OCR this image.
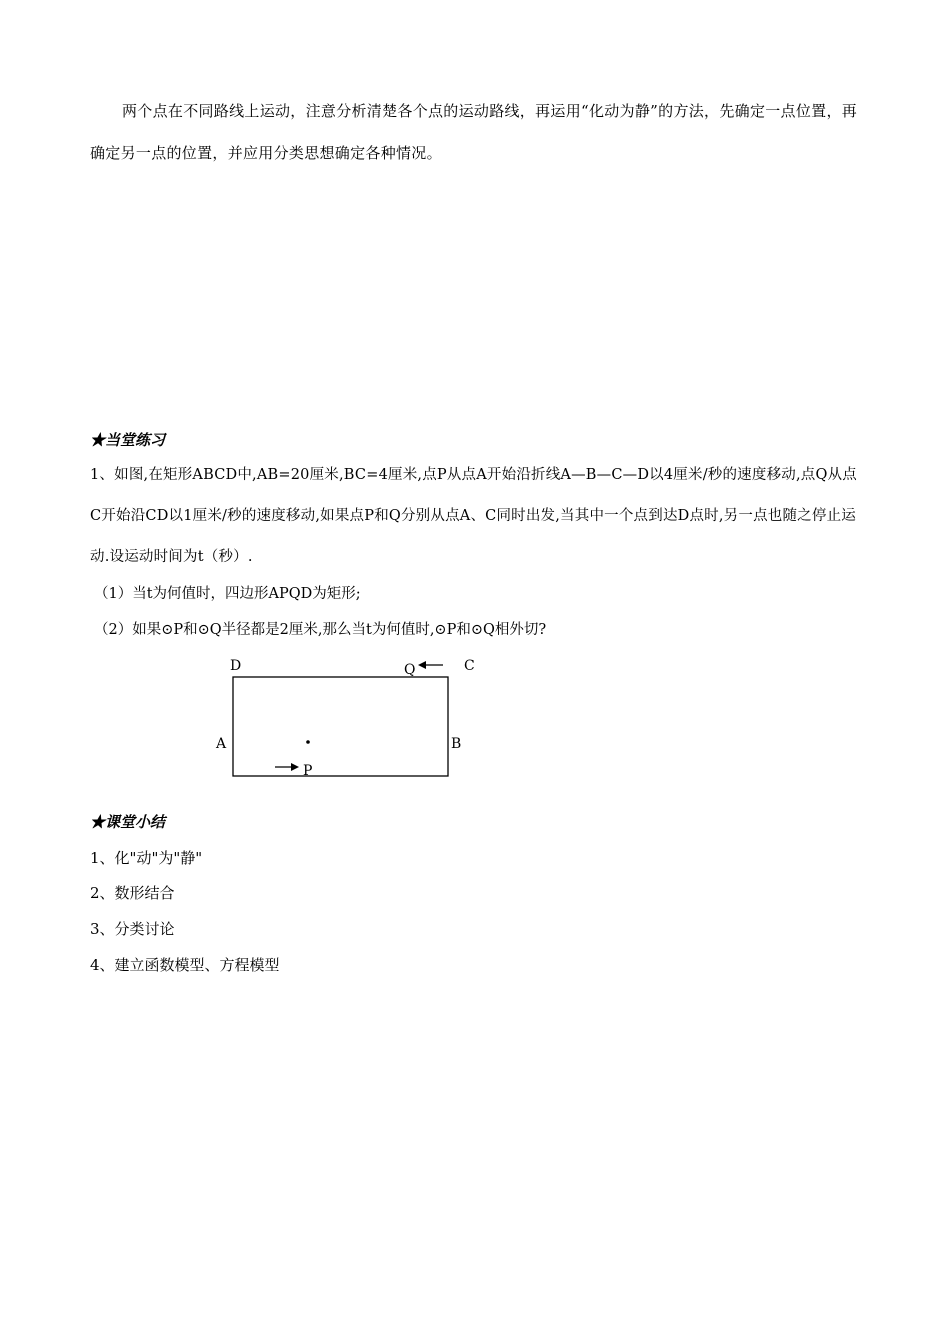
两个点在不同路线上运动，注意分析清楚各个点的运动路线，再运用“化动为静”的方法，先确定一点位置，再确定另一点的位置，并应用分类思想确定各种情况。
★当堂练习
1、如图,在矩形ABCD中,AB=20厘米,BC=4厘米,点P从点A开始沿折线A—B—C—D以4厘米/秒的速度移动,点Q从点C开始沿CD以1厘米/秒的速度移动,如果点P和Q分别从点A、C同时出发,当其中一个点到达D点时,另一点也随之停止运动.设运动时间为t（秒）.
（1）当t为何值时，四边形APQD为矩形;
（2）如果⊙P和⊙Q半径都是2厘米,那么当t为何值时,⊙P和⊙Q相外切?
D	C
A	B
P
Q
★课堂小结
1、化"动"为"静"
2、数形结合
3、分类讨论
4、建立函数模型、方程模型
